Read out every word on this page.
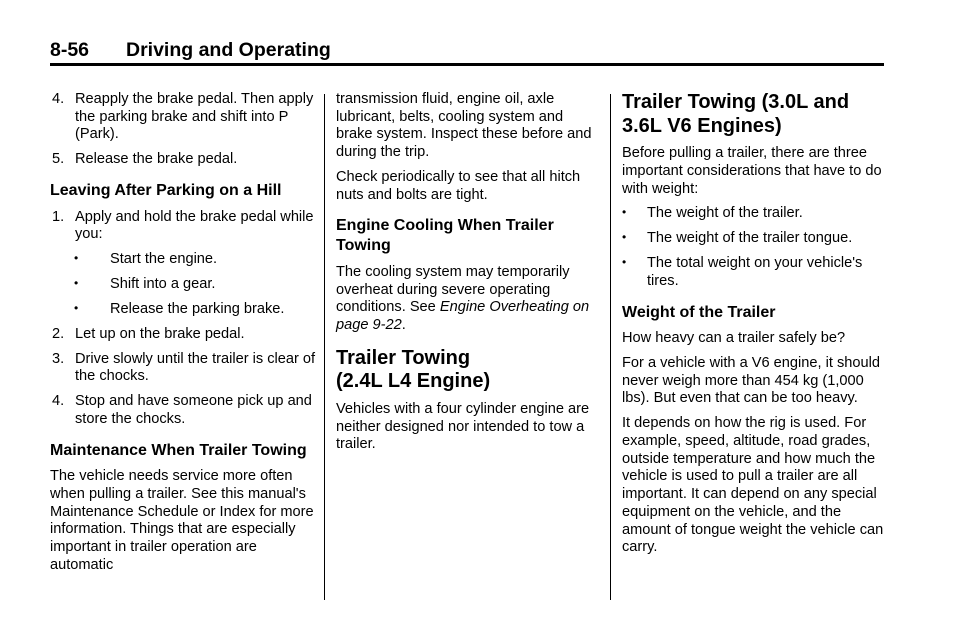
8-56 Driving and Operating
4. Reapply the brake pedal. Then apply the parking brake and shift into P (Park).
5. Release the brake pedal.
Leaving After Parking on a Hill
1. Apply and hold the brake pedal while you:
• Start the engine.
• Shift into a gear.
• Release the parking brake.
2. Let up on the brake pedal.
3. Drive slowly until the trailer is clear of the chocks.
4. Stop and have someone pick up and store the chocks.
Maintenance When Trailer Towing

The vehicle needs service more often when pulling a trailer. See this manual's Maintenance Schedule or Index for more information. Things that are especially important in trailer operation are automatic

transmission fluid, engine oil, axle lubricant, belts, cooling system and brake system. Inspect these before and during the trip.

Check periodically to see that all hitch nuts and bolts are tight.

Engine Cooling When Trailer Towing

The cooling system may temporarily overheat during severe operating conditions. See Engine Overheating on page 9‑22.

Trailer Towing
(2.4L L4 Engine)

Vehicles with a four cylinder engine are neither designed nor intended to tow a trailer.

Trailer Towing (3.0L and 3.6L V6 Engines)

Before pulling a trailer, there are three important considerations that have to do with weight:

• The weight of the trailer.
• The weight of the trailer tongue.
• The total weight on your vehicle's tires.
Weight of the Trailer

How heavy can a trailer safely be?

For a vehicle with a V6 engine, it should never weigh more than 454 kg (1,000 lbs). But even that can be too heavy.

It depends on how the rig is used. For example, speed, altitude, road grades, outside temperature and how much the vehicle is used to pull a trailer are all important. It can depend on any special equipment on the vehicle, and the amount of tongue weight the vehicle can carry.
